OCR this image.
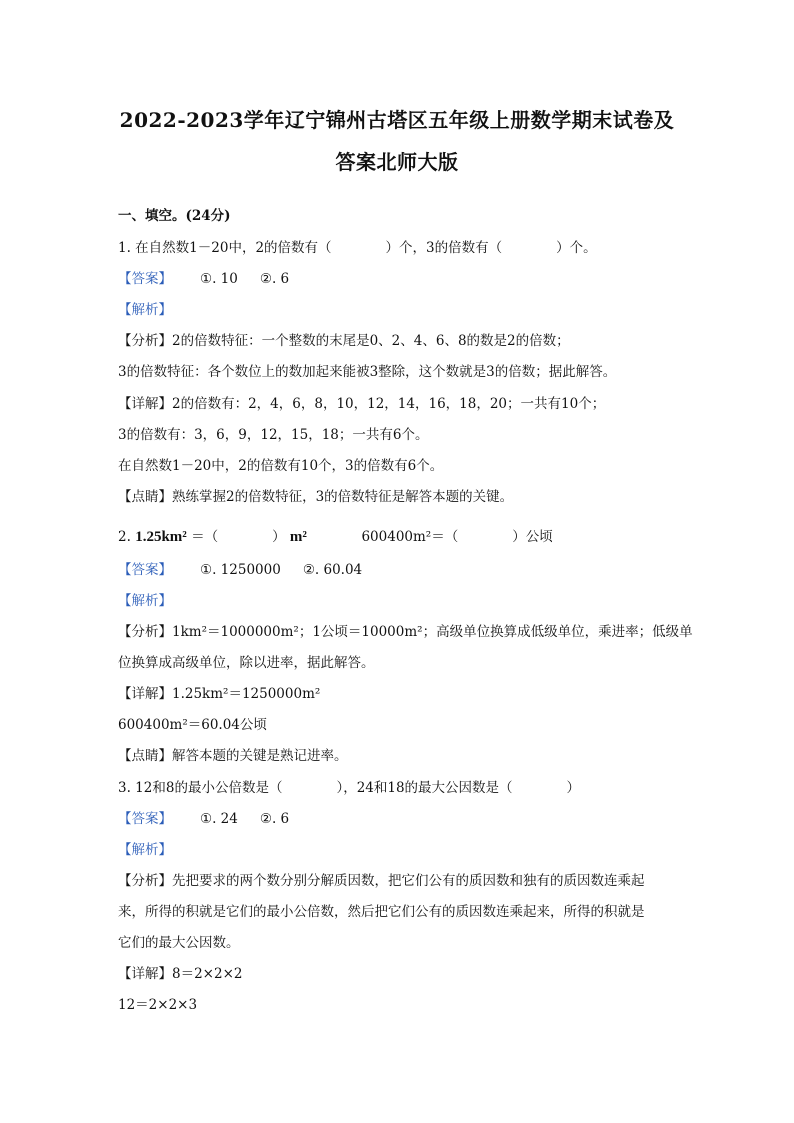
2022-2023学年辽宁锦州古塔区五年级上册数学期末试卷及
答案北师大版
一、填空。(24分)
1. 在自然数1－20中，2的倍数有（　　　　）个，3的倍数有（　　　　）个。
【答案】 ①. 10 ②. 6
【解析】
【分析】2的倍数特征：一个整数的末尾是0、2、4、6、8的数是2的倍数；
3的倍数特征：各个数位上的数加起来能被3整除，这个数就是3的倍数；据此解答。
【详解】2的倍数有：2，4，6，8，10，12，14，16，18，20；一共有10个；
3的倍数有：3，6，9，12，15，18；一共有6个。
在自然数1－20中，2的倍数有10个，3的倍数有6个。
【点睛】熟练掌握2的倍数特征，3的倍数特征是解答本题的关键。
2. 1.25km² ＝（　　　　） m²	600400m²＝（　　　　）公顷
【答案】 ①. 1250000 ②. 60.04
【解析】
【分析】1km²＝1000000m²；1公顷＝10000m²；高级单位换算成低级单位，乘进率；低级单
位换算成高级单位，除以进率，据此解答。
【详解】1.25km²＝1250000m²
600400m²＝60.04公顷
【点睛】解答本题的关键是熟记进率。
3. 12和8的最小公倍数是（　　　　），24和18的最大公因数是（　　　　）
【答案】 ①. 24 ②. 6
【解析】
【分析】先把要求的两个数分别分解质因数，把它们公有的质因数和独有的质因数连乘起
来，所得的积就是它们的最小公倍数，然后把它们公有的质因数连乘起来，所得的积就是
它们的最大公因数。
【详解】8＝2×2×2
12＝2×2×3
